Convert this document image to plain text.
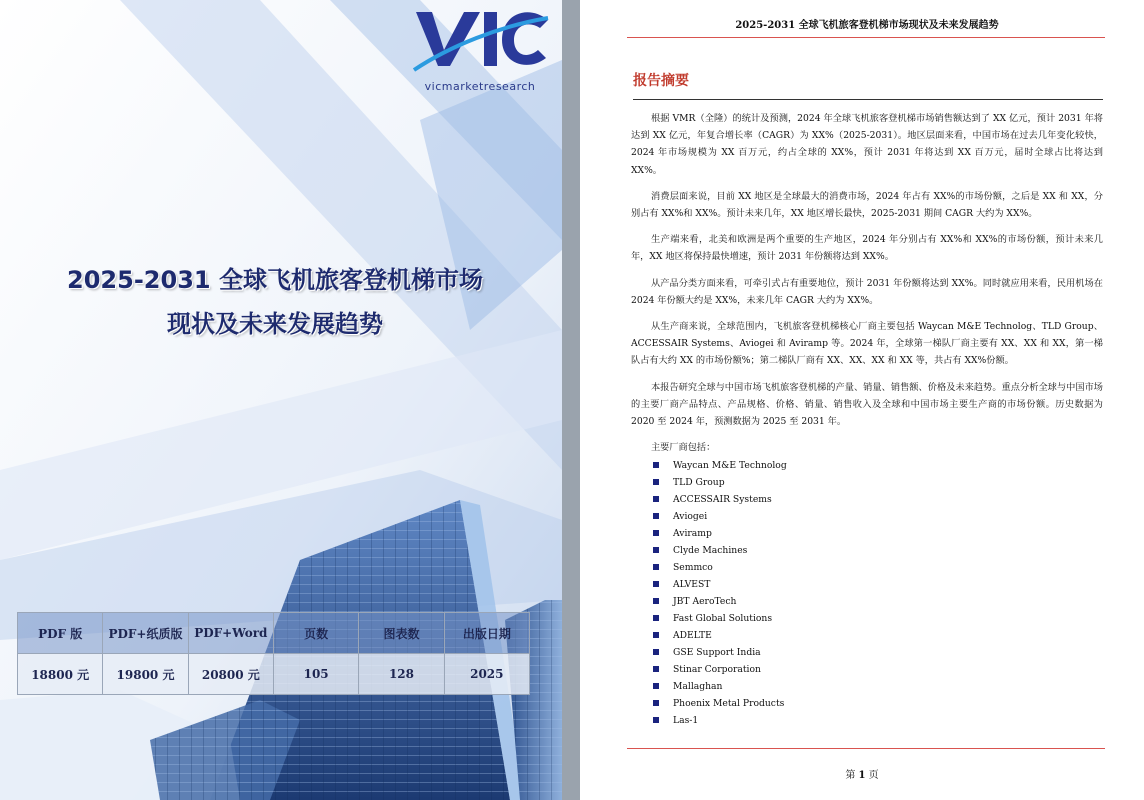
vicmarketresearch
2025-2031 全球飞机旅客登机梯市场
现状及未来发展趋势
PDF 版	PDF+纸质版	PDF+Word	页数	图表数	出版日期
18800 元	19800 元	20800 元	105	128	2025
2025-2031 全球飞机旅客登机梯市场现状及未来发展趋势
报告摘要

根据 VMR（全隆）的统计及预测，2024 年全球飞机旅客登机梯市场销售额达到了 XX 亿元，预计 2031 年将达到 XX 亿元，年复合增长率（CAGR）为 XX%（2025-2031）。地区层面来看，中国市场在过去几年变化较快，2024 年市场规模为 XX 百万元，约占全球的 XX%，预计 2031 年将达到 XX 百万元，届时全球占比将达到 XX%。

消费层面来说，目前 XX 地区是全球最大的消费市场，2024 年占有 XX%的市场份额，之后是 XX 和 XX，分别占有 XX%和 XX%。预计未来几年，XX 地区增长最快，2025-2031 期间 CAGR 大约为 XX%。

生产端来看，北美和欧洲是两个重要的生产地区，2024 年分别占有 XX%和 XX%的市场份额，预计未来几年，XX 地区将保持最快增速，预计 2031 年份额将达到 XX%。

从产品分类方面来看，可牵引式占有重要地位，预计 2031 年份额将达到 XX%。同时就应用来看，民用机场在 2024 年份额大约是 XX%，未来几年 CAGR 大约为 XX%。

从生产商来说，全球范围内，飞机旅客登机梯核心厂商主要包括 Waycan M&E Technolog、TLD Group、ACCESSAIR Systems、Aviogei 和 Aviramp 等。2024 年，全球第一梯队厂商主要有 XX、XX 和 XX，第一梯队占有大约 XX 的市场份额%；第二梯队厂商有 XX、XX、XX 和 XX 等，共占有 XX%份额。

本报告研究全球与中国市场飞机旅客登机梯的产量、销量、销售额、价格及未来趋势。重点分析全球与中国市场的主要厂商产品特点、产品规格、价格、销量、销售收入及全球和中国市场主要生产商的市场份额。历史数据为 2020 至 2024 年，预测数据为 2025 至 2031 年。

主要厂商包括：
Waycan M&E Technolog
TLD Group
ACCESSAIR Systems
Aviogei
Aviramp
Clyde Machines
Semmco
ALVEST
JBT AeroTech
Fast Global Solutions
ADELTE
GSE Support India
Stinar Corporation
Mallaghan
Phoenix Metal Products
Las-1
第 1 页
